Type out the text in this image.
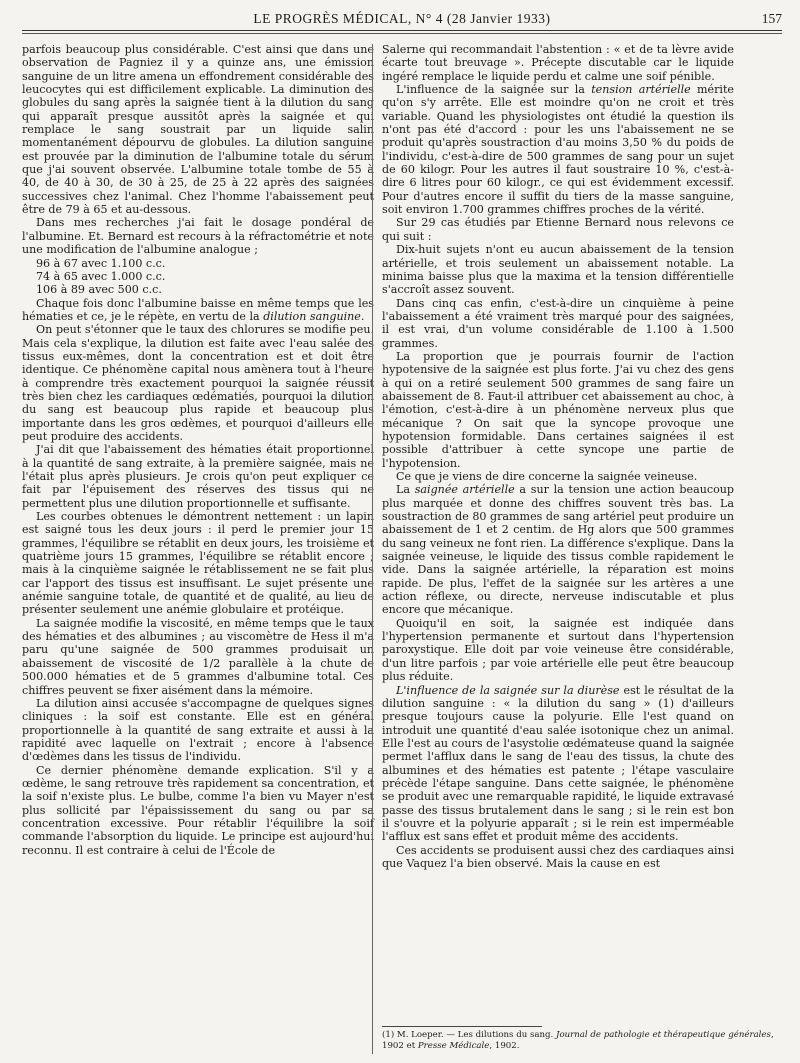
LE PROGRÈS MÉDICAL, N° 4 (28 Janvier 1933)	157

parfois beaucoup plus considérable. C'est ainsi que dans une observation de Pagniez il y a quinze ans, une émission sanguine de un litre amena un effondrement considérable des leucocytes qui est difficilement explicable. La diminution des globules du sang après la saignée tient à la dilution du sang qui apparaît presque aussitôt après la saignée et qui remplace le sang soustrait par un liquide salin momentanément dépourvu de globules. La dilution sanguine est prouvée par la diminution de l'albumine totale du sérum que j'ai souvent observée. L'albumine totale tombe de 55 à 40, de 40 à 30, de 30 à 25, de 25 à 22 après des saignées successives chez l'animal. Chez l'homme l'abaissement peut être de 79 à 65 et au-dessous.

Dans mes recherches j'ai fait le dosage pondéral de l'albumine. Et. Bernard est recours à la réfractométrie et note une modification de l'albumine analogue ;

96 à 67 avec 1.100 c.c.

74 à 65 avec 1.000 c.c.

106 à 89 avec 500 c.c.

Chaque fois donc l'albumine baisse en même temps que les hématies et ce, je le répète, en vertu de la dilution sanguine.

On peut s'étonner que le taux des chlorures se modifie peu. Mais cela s'explique, la dilution est faite avec l'eau salée des tissus eux-mêmes, dont la concentration est et doit être identique. Ce phénomène capital nous amènera tout à l'heure à comprendre très exactement pourquoi la saignée réussit très bien chez les cardiaques œdématiés, pourquoi la dilution du sang est beaucoup plus rapide et beaucoup plus importante dans les gros œdèmes, et pourquoi d'ailleurs elle peut produire des accidents.

J'ai dit que l'abaissement des hématies était proportionnel à la quantité de sang extraite, à la première saignée, mais ne l'était plus après plusieurs. Je crois qu'on peut expliquer ce fait par l'épuisement des réserves des tissus qui ne permettent plus une dilution proportionnelle et suffisante.

Les courbes obtenues le démontrent nettement : un lapin est saigné tous les deux jours : il perd le premier jour 15 grammes, l'équilibre se rétablit en deux jours, les troisième et quatrième jours 15 grammes, l'équilibre se rétablit encore ; mais à la cinquième saignée le rétablissement ne se fait plus car l'apport des tissus est insuffisant. Le sujet présente une anémie sanguine totale, de quantité et de qualité, au lieu de présenter seulement une anémie globulaire et protéique.

La saignée modifie la viscosité, en même temps que le taux des hématies et des albumines ; au viscomètre de Hess il m'a paru qu'une saignée de 500 grammes produisait un abaissement de viscosité de 1/2 parallèle à la chute de 500.000 hématies et de 5 grammes d'albumine total. Ces chiffres peuvent se fixer aisément dans la mémoire.

La dilution ainsi accusée s'accompagne de quelques signes cliniques : la soif est constante. Elle est en général proportionnelle à la quantité de sang extraite et aussi à la rapidité avec laquelle on l'extrait ; encore à l'absence d'œdèmes dans les tissus de l'individu.

Ce dernier phénomène demande explication. S'il y a œdème, le sang retrouve très rapidement sa concentration, et la soif n'existe plus. Le bulbe, comme l'a bien vu Mayer n'est plus sollicité par l'épaississement du sang ou par sa concentration excessive. Pour rétablir l'équilibre la soif commande l'absorption du liquide. Le principe est aujourd'hui reconnu. Il est contraire à celui de l'École de

Salerne qui recommandait l'abstention : « et de ta lèvre avide écarte tout breuvage ». Précepte discutable car le liquide ingéré remplace le liquide perdu et calme une soif pénible.

L'influence de la saignée sur la tension artérielle mérite qu'on s'y arrête. Elle est moindre qu'on ne croit et très variable. Quand les physiologistes ont étudié la question ils n'ont pas été d'accord : pour les uns l'abaissement ne se produit qu'après soustraction d'au moins 3,50 % du poids de l'individu, c'est-à-dire de 500 grammes de sang pour un sujet de 60 kilogr. Pour les autres il faut soustraire 10 %, c'est-à-dire 6 litres pour 60 kilogr., ce qui est évidemment excessif. Pour d'autres encore il suffit du tiers de la masse sanguine, soit environ 1.700 grammes chiffres proches de la vérité.

Sur 29 cas étudiés par Etienne Bernard nous relevons ce qui suit :

Dix-huit sujets n'ont eu aucun abaissement de la tension artérielle, et trois seulement un abaissement notable. La minima baisse plus que la maxima et la tension différentielle s'accroît assez souvent.

Dans cinq cas enfin, c'est-à-dire un cinquième à peine l'abaissement a été vraiment très marqué pour des saignées, il est vrai, d'un volume considérable de 1.100 à 1.500 grammes.

La proportion que je pourrais fournir de l'action hypotensive de la saignée est plus forte. J'ai vu chez des gens à qui on a retiré seulement 500 grammes de sang faire un abaissement de 8. Faut-il attribuer cet abaissement au choc, à l'émotion, c'est-à-dire à un phénomène nerveux plus que mécanique ? On sait que la syncope provoque une hypotension formidable. Dans certaines saignées il est possible d'attribuer à cette syncope une partie de l'hypotension.

Ce que je viens de dire concerne la saignée veineuse.

La saignée artérielle a sur la tension une action beaucoup plus marquée et donne des chiffres souvent très bas. La soustraction de 80 grammes de sang artériel peut produire un abaissement de 1 et 2 centim. de Hg alors que 500 grammes du sang veineux ne font rien. La différence s'explique. Dans la saignée veineuse, le liquide des tissus comble rapidement le vide. Dans la saignée artérielle, la réparation est moins rapide. De plus, l'effet de la saignée sur les artères a une action réflexe, ou directe, nerveuse indiscutable et plus encore que mécanique.

Quoiqu'il en soit, la saignée est indiquée dans l'hypertension permanente et surtout dans l'hypertension paroxystique. Elle doit par voie veineuse être considérable, d'un litre parfois ; par voie artérielle elle peut être beaucoup plus réduite.

L'influence de la saignée sur la diurèse est le résultat de la dilution sanguine : « la dilution du sang » (1) d'ailleurs presque toujours cause la polyurie. Elle l'est quand on introduit une quantité d'eau salée isotonique chez un animal. Elle l'est au cours de l'asystolie œdémateuse quand la saignée permet l'afflux dans le sang de l'eau des tissus, la chute des albumines et des hématies est patente ; l'étape vasculaire précède l'étape sanguine. Dans cette saignée, le phénomène se produit avec une remarquable rapidité, le liquide extravasé passe des tissus brutalement dans le sang ; si le rein est bon il s'ouvre et la polyurie apparaît ; si le rein est imperméable l'afflux est sans effet et produit même des accidents.

Ces accidents se produisent aussi chez des cardiaques ainsi que Vaquez l'a bien observé. Mais la cause en est

(1) M. Loeper. — Les dilutions du sang. Journal de pathologie et thérapeutique générales, 1902 et Presse Médicale, 1902.
